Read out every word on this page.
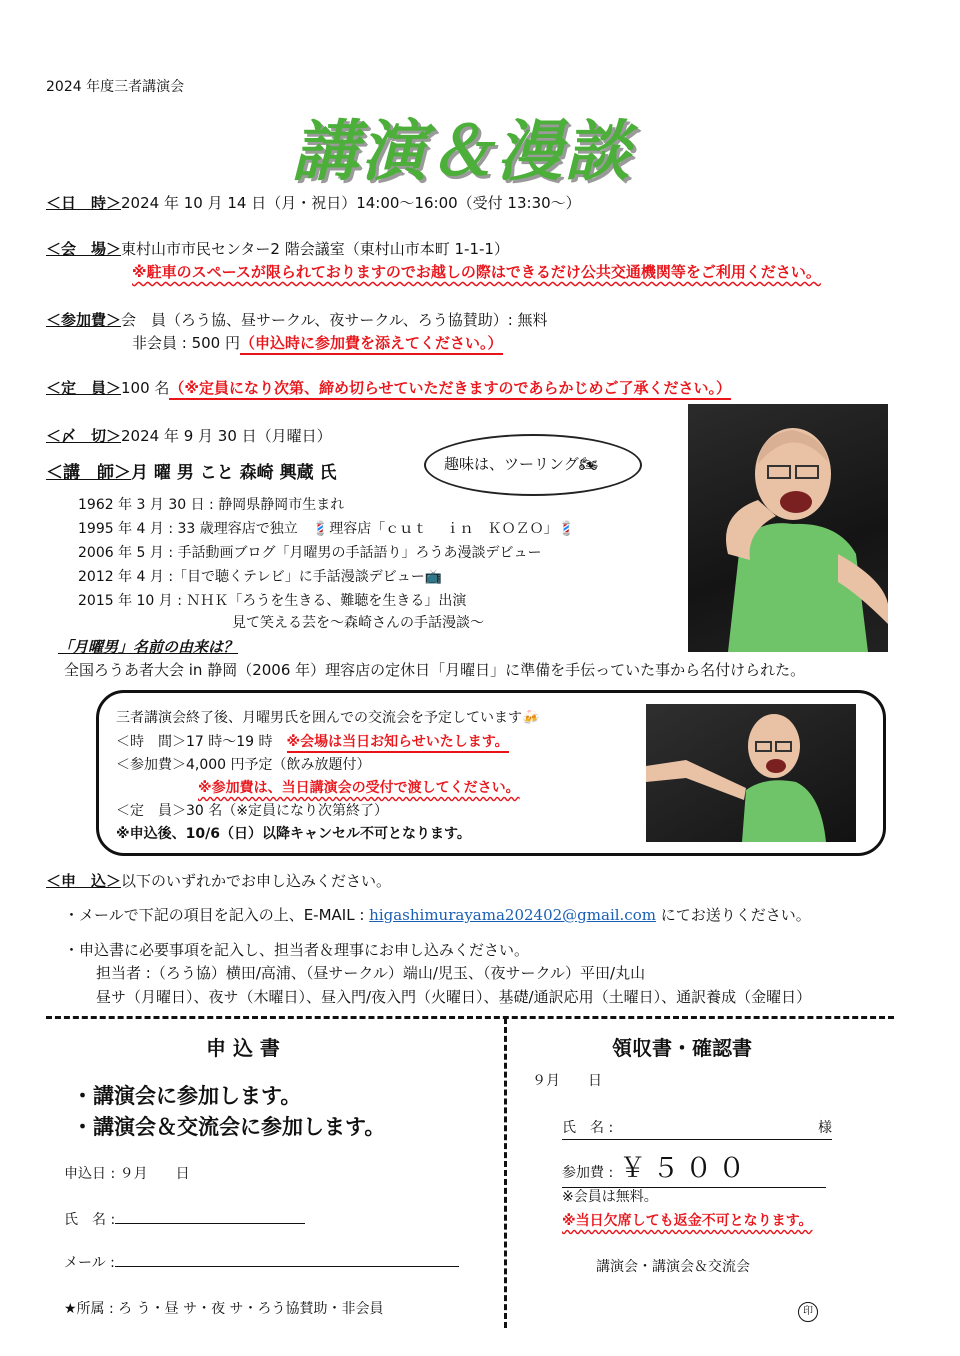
2024 年度三者講演会
講演＆漫談
＜日　時＞2024 年 10 月 14 日（月・祝日）14:00～16:00（受付 13:30～）
＜会　場＞東村山市市民センター2 階会議室（東村山市本町 1-1-1）
※駐車のスペースが限られておりますのでお越しの際はできるだけ公共交通機関等をご利用ください。
＜参加費＞会　員（ろう協、昼サークル、夜サークル、ろう協賛助）: 無料
非会員 : 500 円（申込時に参加費を添えてください。）
＜定　員＞100 名（※定員になり次第、締め切らせていただきますのであらかじめご了承ください。）
＜〆　切＞2024 年 9 月 30 日（月曜日）
＜講　師＞月 曜 男 こと 森崎 興蔵 氏	趣味は、ツーリング🏍
1962 年 3 月 30 日 : 静岡県静岡市生まれ
1995 年 4 月 : 33 歳理容店で独立　💈理容店「ｃｕｔ　 ｉｎ　ＫＯＺＯ」💈
2006 年 5 月 : 手話動画ブログ「月曜男の手話語り」ろうあ漫談デビュー
2012 年 4 月 :「目で聴くテレビ」に手話漫談デビュー📺
2015 年 10 月 : ＮＨＫ「ろうを生きる、難聴を生きる」出演
見て笑える芸を～森崎さんの手話漫談～
「月曜男」名前の由来は？
全国ろうあ者大会 in 静岡（2006 年）理容店の定休日「月曜日」に準備を手伝っていた事から名付けられた。
三者講演会終了後、月曜男氏を囲んでの交流会を予定しています🍻
＜時　間＞17 時～19 時　 ※会場は当日お知らせいたします。
＜参加費＞4,000 円予定（飲み放題付）
※参加費は、当日講演会の受付で渡してください。
＜定　員＞30 名（※定員になり次第終了）
※申込後、10/6（日）以降キャンセル不可となります。
＜申　込＞以下のいずれかでお申し込みください。
・メールで下記の項目を記入の上、E-MAIL : higashimurayama202402@gmail.com にてお送りください。
・申込書に必要事項を記入し、担当者＆理事にお申し込みください。
担当者 :（ろう協）横田/高浦、（昼サークル）端山/児玉、（夜サークル）平田/丸山
昼サ（月曜日）、夜サ（木曜日）、昼入門/夜入門（火曜日）、基礎/通訳応用（土曜日）、通訳養成（金曜日）
申 込 書
・講演会に参加します。
・講演会＆交流会に参加します。
申込日 : ９月　　日
氏　名 :
メール :
★所属 : ろ う・昼 サ・夜 サ・ろう協賛助・非会員
領収書・確認書
９月　　日
氏　名 :	様
参加費 : ￥５００
※会員は無料。
※当日欠席しても返金不可となります。
講演会・講演会＆交流会
印
